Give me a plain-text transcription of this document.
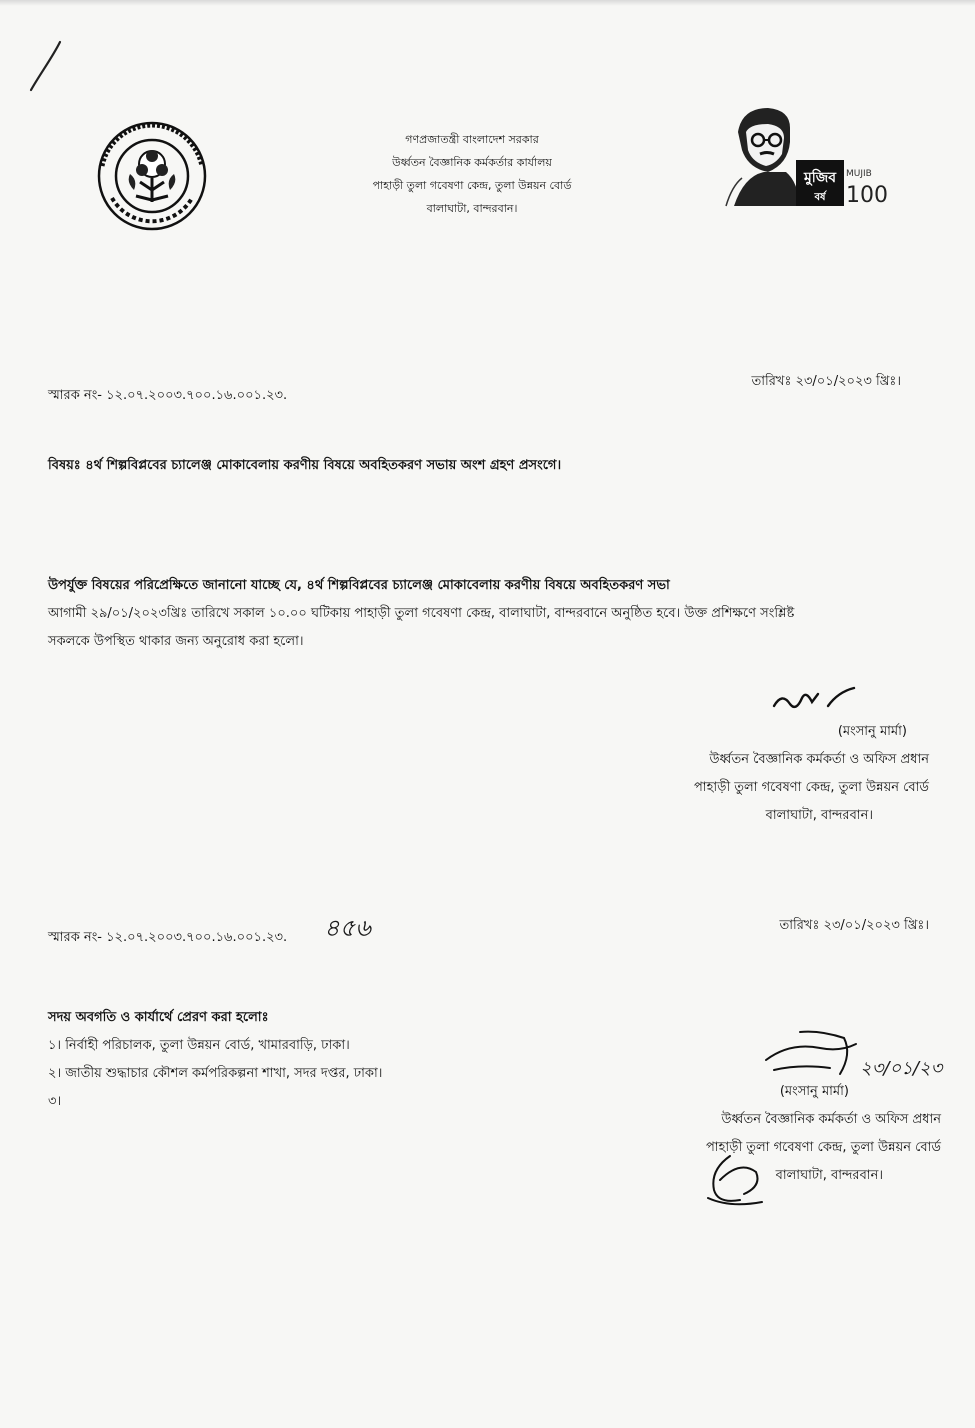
গণপ্রজাতন্ত্রী বাংলাদেশ সরকার
উর্ধ্বতন বৈজ্ঞানিক কর্মকর্তার কার্যালয়
পাহাড়ী তুলা গবেষণা কেন্দ্র, তুলা উন্নয়ন বোর্ড
বালাঘাটা, বান্দরবান।
মুজিব
বর্ষ
MUJIB
100
স্মারক নং- ১২.০৭.২০০৩.৭০০.১৬.০০১.২৩.
তারিখঃ ২৩/০১/২০২৩ খ্রিঃ।
বিষয়ঃ ৪র্থ শিল্পবিপ্লবের চ্যালেঞ্জ মোকাবেলায় করণীয় বিষয়ে অবহিতকরণ সভায় অংশ গ্রহণ প্রসংগে।
উপর্যুক্ত বিষয়ের পরিপ্রেক্ষিতে জানানো যাচ্ছে যে, ৪র্থ শিল্পবিপ্লবের চ্যালেঞ্জ মোকাবেলায় করণীয় বিষয়ে অবহিতকরণ সভা
আগামী ২৯/০১/২০২৩খ্রিঃ তারিখে সকাল ১০.০০ ঘটিকায় পাহাড়ী তুলা গবেষণা কেন্দ্র, বালাঘাটা, বান্দরবানে অনুষ্ঠিত হবে। উক্ত প্রশিক্ষণে সংশ্লিষ্ট
সকলকে উপস্থিত থাকার জন্য অনুরোধ করা হলো।
(মংসানু মার্মা)
উর্ধ্বতন বৈজ্ঞানিক কর্মকর্তা ও অফিস প্রধান
পাহাড়ী তুলা গবেষণা কেন্দ্র, তুলা উন্নয়ন বোর্ড
বালাঘাটা, বান্দরবান।
স্মারক নং- ১২.০৭.২০০৩.৭০০.১৬.০০১.২৩. ৪৫৬	তারিখঃ ২৩/০১/২০২৩ খ্রিঃ।
সদয় অবগতি ও কার্যার্থে প্রেরণ করা হলোঃ
১। নির্বাহী পরিচালক, তুলা উন্নয়ন বোর্ড, খামারবাড়ি, ঢাকা।
২। জাতীয় শুদ্ধাচার কৌশল কর্মপরিকল্পনা শাখা, সদর দপ্তর, ঢাকা।
৩।
২৩/০১/২৩
(মংসানু মার্মা)
উর্ধ্বতন বৈজ্ঞানিক কর্মকর্তা ও অফিস প্রধান
পাহাড়ী তুলা গবেষণা কেন্দ্র, তুলা উন্নয়ন বোর্ড
বালাঘাটা, বান্দরবান।
